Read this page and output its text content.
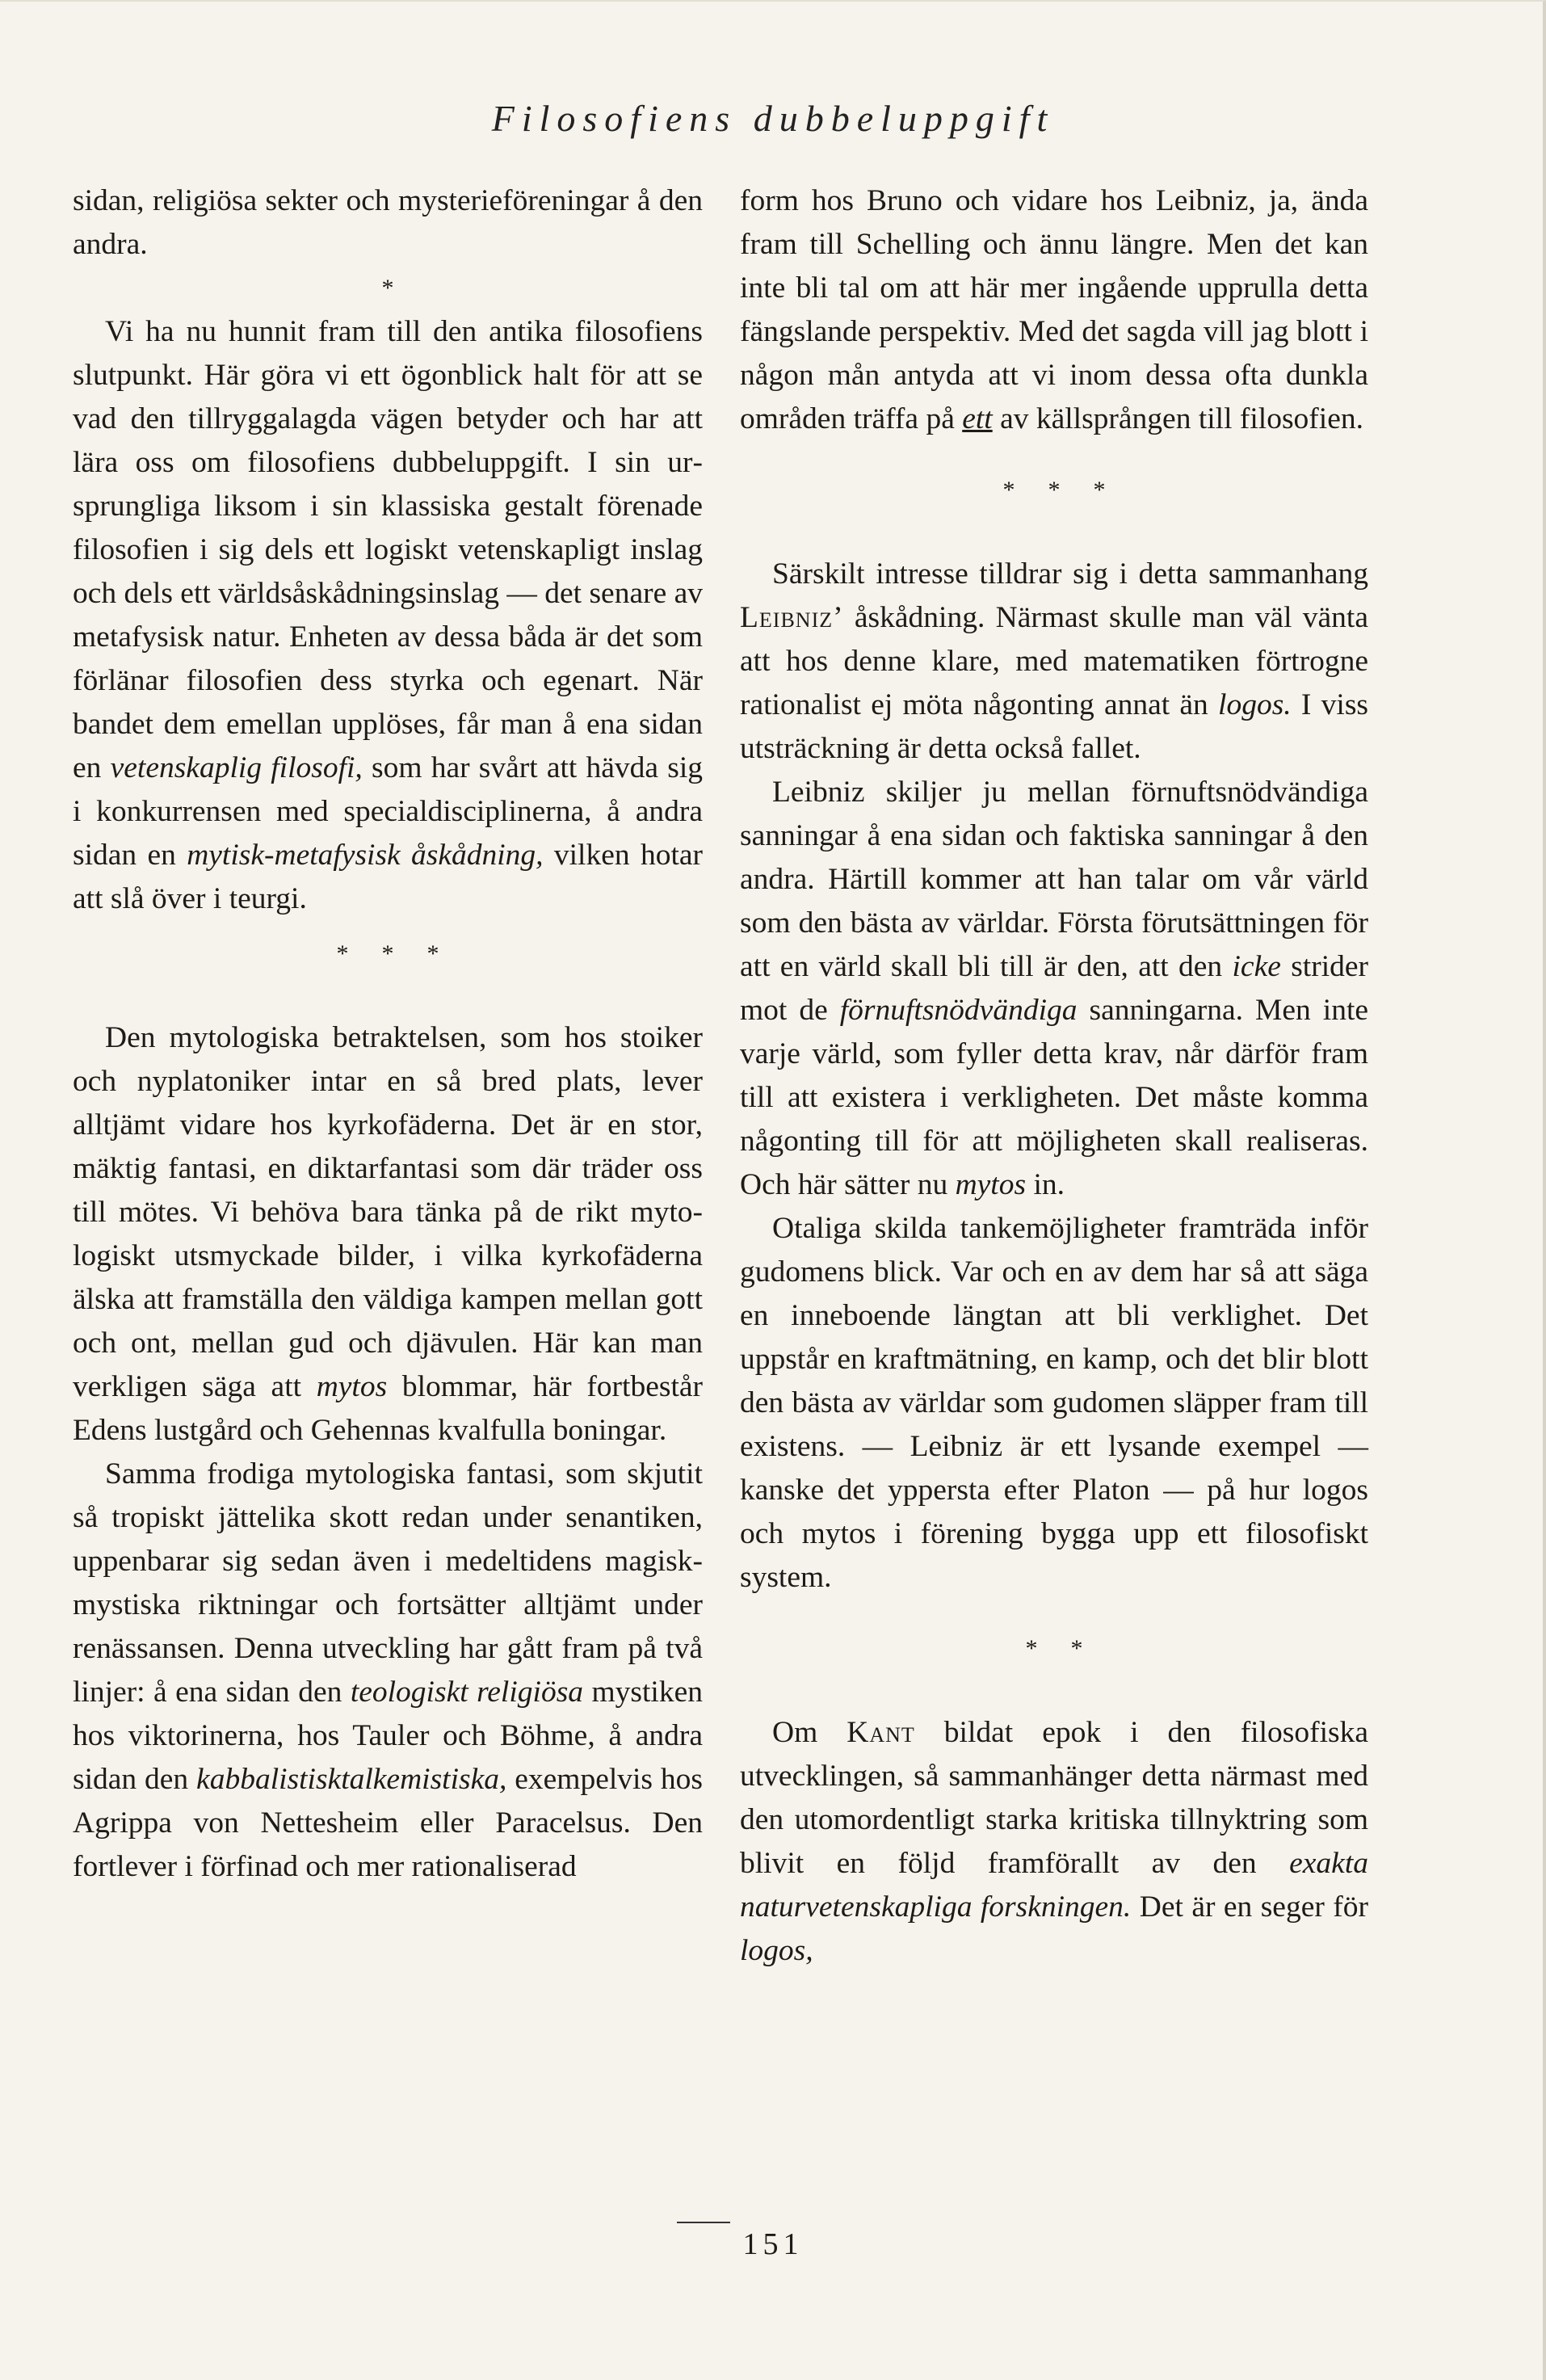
Filosofiens dubbeluppgift

sidan, religiösa sekter och mysterieföreningar å den andra.

*

Vi ha nu hunnit fram till den antika filosofiens slutpunkt. Här göra vi ett ögonblick halt för att se vad den tillryggalagda vägen betyder och har att lära oss om filosofiens dubbeluppgift. I sin ursprungliga liksom i sin klassiska gestalt förenade filosofien i sig dels ett logiskt vetenskapligt inslag och dels ett världsåskådningsinslag — det senare av metafysisk natur. Enheten av dessa båda är det som förlänar filosofien dess styrka och egenart. När bandet dem emellan upplöses, får man å ena sidan en vetenskaplig filosofi, som har svårt att hävda sig i konkurrensen med specialdisciplinerna, å andra sidan en mytisk-metafysisk åskådning, vilken hotar att slå över i teurgi.

* * *

Den mytologiska betraktelsen, som hos stoiker och nyplatoniker intar en så bred plats, lever alltjämt vidare hos kyrkofäderna. Det är en stor, mäktig fantasi, en diktarfantasi som där träder oss till mötes. Vi behöva bara tänka på de rikt mytologiskt utsmyckade bilder, i vilka kyrkofäderna älska att framställa den väldiga kampen mellan gott och ont, mellan gud och djävulen. Här kan man verkligen säga att mytos blommar, här fortbestår Edens lustgård och Gehennas kvalfulla boningar.

Samma frodiga mytologiska fantasi, som skjutit så tropiskt jättelika skott redan under senantiken, uppenbarar sig sedan även i medeltidens magisk-mystiska riktningar och fortsätter alltjämt under renässansen. Denna utveckling har gått fram på två linjer: å ena sidan den teologiskt religiösa mystiken hos viktorinerna, hos Tauler och Böhme, å andra sidan den kabbalistisktalkemistiska, exempelvis hos Agrippa von Nettesheim eller Paracelsus. Den fortlever i förfinad och mer rationaliserad

form hos Bruno och vidare hos Leibniz, ja, ända fram till Schelling och ännu längre. Men det kan inte bli tal om att här mer ingående upprulla detta fängslande perspektiv. Med det sagda vill jag blott i någon mån antyda att vi inom dessa ofta dunkla områden träffa på ett av källsprången till filosofien.

* * *

Särskilt intresse tilldrar sig i detta sammanhang Leibniz’ åskådning. Närmast skulle man väl vänta att hos denne klare, med matematiken förtrogne rationalist ej möta någonting annat än logos. I viss utsträckning är detta också fallet.

Leibniz skiljer ju mellan förnuftsnödvändiga sanningar å ena sidan och faktiska sanningar å den andra. Härtill kommer att han talar om vår värld som den bästa av världar. Första förutsättningen för att en värld skall bli till är den, att den icke strider mot de förnuftsnödvändiga sanningarna. Men inte varje värld, som fyller detta krav, når därför fram till att existera i verkligheten. Det måste komma någonting till för att möjligheten skall realiseras. Och här sätter nu mytos in.

Otaliga skilda tankemöjligheter framträda inför gudomens blick. Var och en av dem har så att säga en inneboende längtan att bli verklighet. Det uppstår en kraftmätning, en kamp, och det blir blott den bästa av världar som gudomen släpper fram till existens. — Leibniz är ett lysande exempel — kanske det yppersta efter Platon — på hur logos och mytos i förening bygga upp ett filosofiskt system.

* *

Om Kant bildat epok i den filosofiska utvecklingen, så sammanhänger detta närmast med den utomordentligt starka kritiska tillnyktring som blivit en följd framförallt av den exakta naturvetenskapliga forskningen. Det är en seger för logos,

151
